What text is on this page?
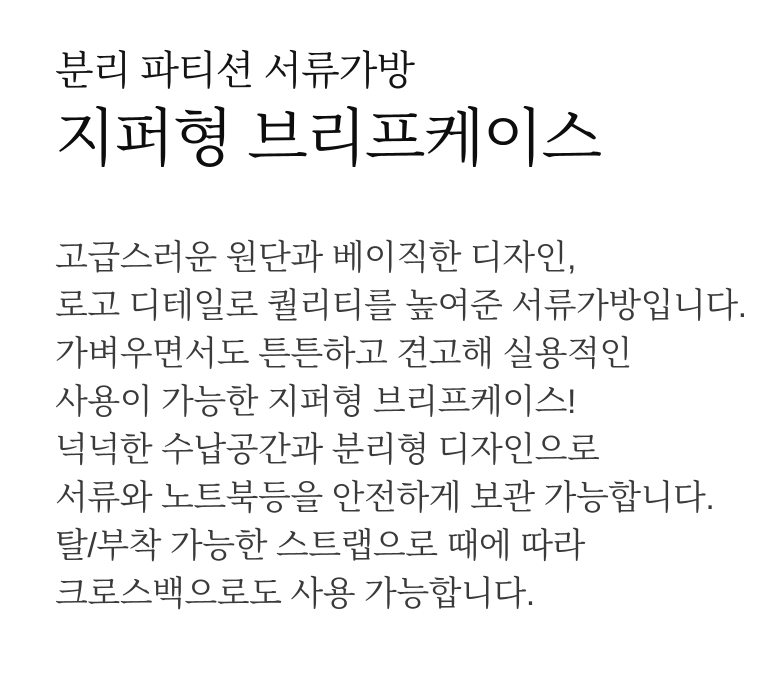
분리 파티션 서류가방
지퍼형 브리프케이스
고급스러운 원단과 베이직한 디자인,
로고 디테일로 퀄리티를 높여준 서류가방입니다.
가벼우면서도 튼튼하고 견고해 실용적인
사용이 가능한 지퍼형 브리프케이스!
넉넉한 수납공간과 분리형 디자인으로
서류와 노트북등을 안전하게 보관 가능합니다.
탈/부착 가능한 스트랩으로 때에 따라
크로스백으로도 사용 가능합니다.
